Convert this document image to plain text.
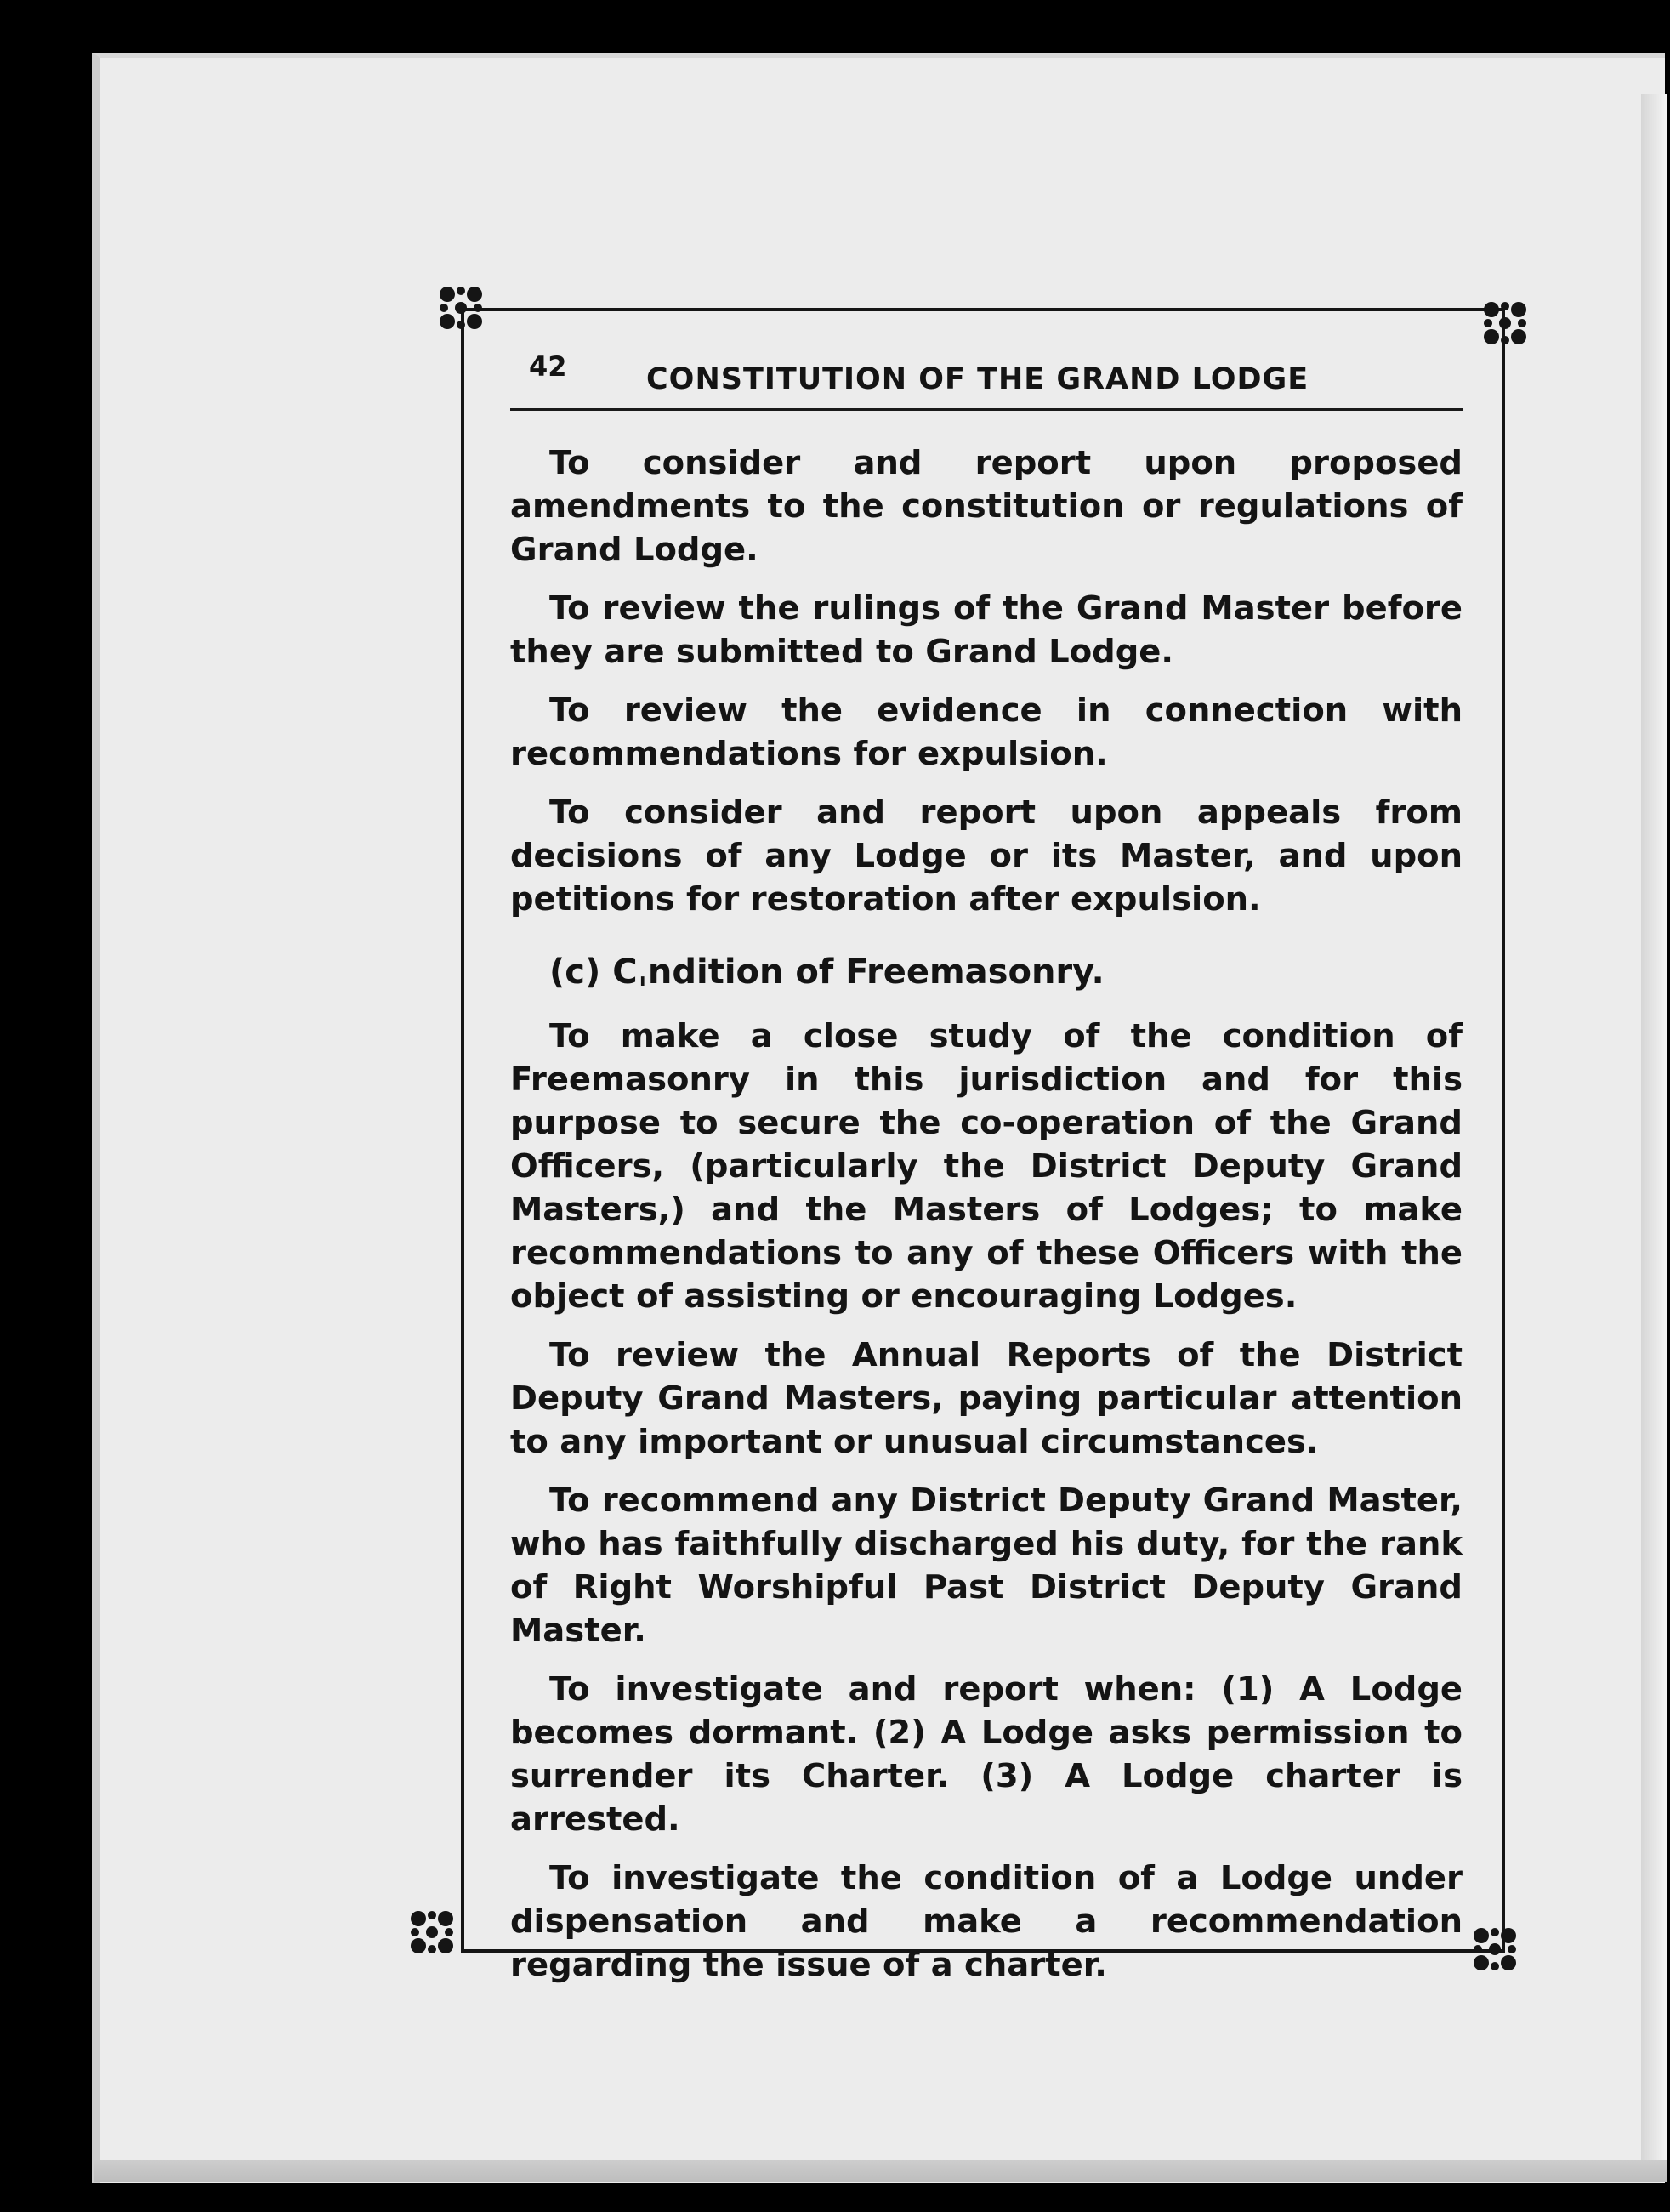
42	CONSTITUTION OF THE GRAND LODGE

To consider and report upon proposed amendments to the constitution or regulations of Grand Lodge.

To review the rulings of the Grand Master before they are submitted to Grand Lodge.

To review the evidence in connection with recommendations for expulsion.

To consider and report upon appeals from decisions of any Lodge or its Master, and upon petitions for restoration after expulsion.

(c) Cˌndition of Freemasonry.

To make a close study of the condition of Freemasonry in this jurisdiction and for this purpose to secure the co-operation of the Grand Officers, (particularly the District Deputy Grand Masters,) and the Masters of Lodges; to make recommendations to any of these Officers with the object of assisting or encouraging Lodges.

To review the Annual Reports of the District Deputy Grand Masters, paying particular attention to any important or unusual circumstances.

To recommend any District Deputy Grand Master, who has faithfully discharged his duty, for the rank of Right Worshipful Past District Deputy Grand Master.

To investigate and report when: (1) A Lodge becomes dormant. (2) A Lodge asks permission to surrender its Charter. (3) A Lodge charter is arrested.

To investigate the condition of a Lodge under dispensation and make a recommendation regarding the issue of a charter.
